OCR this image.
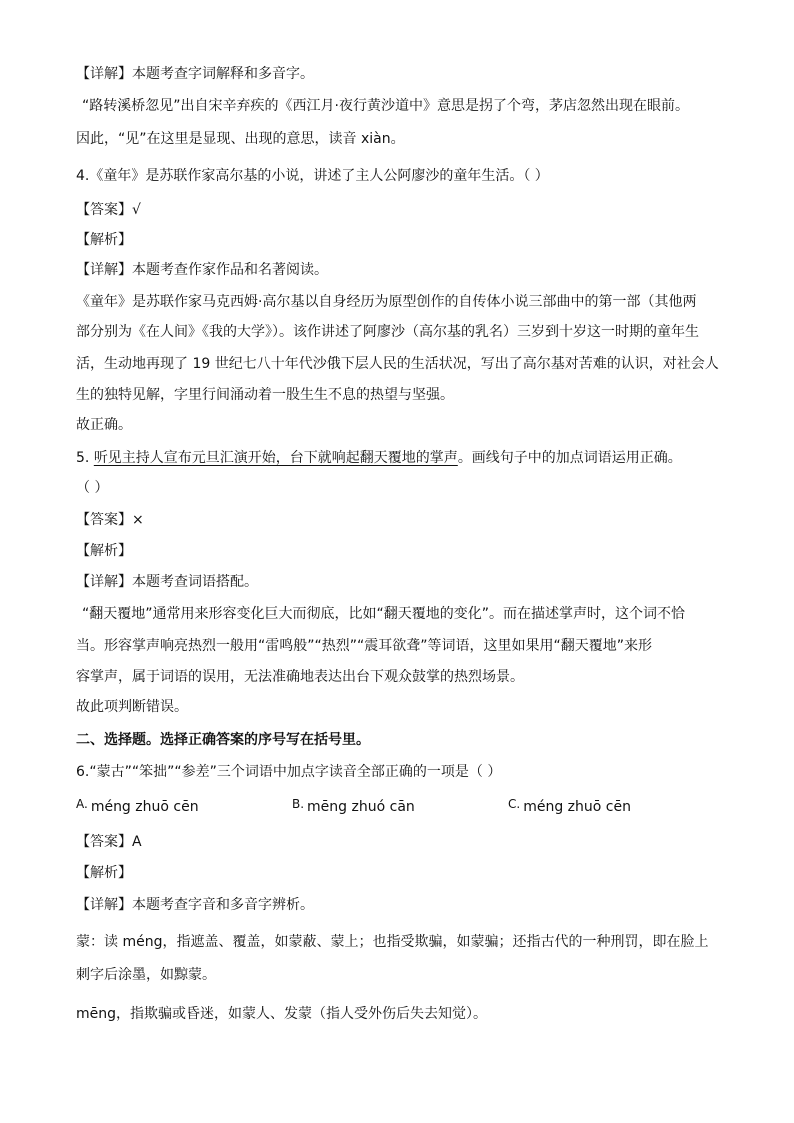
【详解】本题考查字词解释和多音字。
“路转溪桥忽见”出自宋辛弃疾的《西江月·夜行黄沙道中》意思是拐了个弯，茅店忽然出现在眼前。
因此，“见”在这里是显现、出现的意思，读音 xiàn。
4.《童年》是苏联作家高尔基的小说，讲述了主人公阿廖沙的童年生活。（ ）
【答案】√
【解析】
【详解】本题考查作家作品和名著阅读。
《童年》是苏联作家马克西姆·高尔基以自身经历为原型创作的自传体小说三部曲中的第一部（其他两
部分别为《在人间》《我的大学》）。该作讲述了阿廖沙（高尔基的乳名）三岁到十岁这一时期的童年生
活，生动地再现了 19 世纪七八十年代沙俄下层人民的生活状况，写出了高尔基对苦难的认识，对社会人
生的独特见解，字里行间涌动着一股生生不息的热望与坚强。
故正确。
5. 听见主持人宣布元旦汇演开始，台下就响起翻天覆地的掌声。画线句子中的加点词语运用正确。
（ ）
【答案】×
【解析】
【详解】本题考查词语搭配。
“翻天覆地”通常用来形容变化巨大而彻底，比如“翻天覆地的变化”。而在描述掌声时，这个词不恰
当。形容掌声响亮热烈一般用“雷鸣般”“热烈”“震耳欲聋”等词语，这里如果用“翻天覆地”来形
容掌声，属于词语的误用，无法准确地表达出台下观众鼓掌的热烈场景。
故此项判断错误。
二、选择题。选择正确答案的序号写在括号里。
6.“蒙古”“笨拙”“参差”三个词语中加点字读音全部正确的一项是（ ）
A. méng zhuō cēn	B. mēng zhuó cān	C. méng zhuō cēn
【答案】A
【解析】
【详解】本题考查字音和多音字辨析。
蒙：读 méng，指遮盖、覆盖，如蒙蔽、蒙上；也指受欺骗，如蒙骗；还指古代的一种刑罚，即在脸上
刺字后涂墨，如黥蒙。
mēng，指欺骗或昏迷，如蒙人、发蒙（指人受外伤后失去知觉）。
